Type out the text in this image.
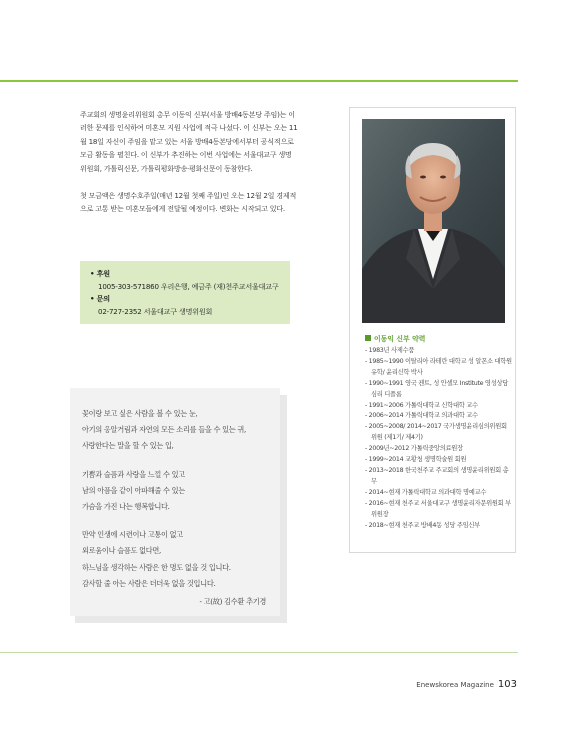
주교회의 생명윤리위원회 총무 이동익 신부(서울 방배4동본당 주임)는 이러한 문제를 인식하여 미혼모 지원 사업에 적극 나섰다. 이 신부는 오는 11월 18일 자신이 주임을 맡고 있는 서울 방배4동본당에서부터 공식적으로 모금 활동을 펼친다. 이 신부가 추진하는 이번 사업에는 서울대교구 생명위원회, 가톨릭신문, 가톨릭평화방송·평화신문이 동참한다.

첫 모금액은 생명수호주일(매년 12월 첫째 주일)인 오는 12월 2일 경제적으로 고통 받는 미혼모들에게 전달될 예정이다. 변화는 시작되고 있다.

• 후원
1005-303-571860 우리은행, 예금주 (재)천주교서울대교구
• 문의
02-727-2352 서울대교구 생명위원회
꽃이랑 보고 싶은 사람을 볼 수 있는 눈,
아기의 옹알거림과 자연의 모든 소리를 들을 수 있는 귀,
사랑한다는 말을 할 수 있는 입,
기쁨과 슬픔과 사랑을 느낄 수 있고
남의 아픔을 같이 아파해줄 수 있는
가슴을 가진 나는 행복합니다.
만약 인생에 시련이나 고통이 없고
외로움이나 슬픔도 없다면,
하느님을 생각하는 사람은 한 명도 없을 것 입니다.
감사할 줄 아는 사람은 더더욱 없을 것입니다.
- 고(故) 김수환 추기경
이동익 신부 약력
- 1983년 사제수품
- 1985~1990 이탈리아 라테란 대학교 성 알폰소 대학원 유학/ 윤리신학 박사
- 1990~1991 영국 켄트, 성 안셀모 Institute 영성상담 심리 디플롬
- 1991~2006 가톨릭대학교 신학대학 교수
- 2006~2014 가톨릭대학교 의과대학 교수
- 2005~2008/ 2014~2017 국가생명윤리심의위원회 위원 (제1기/ 제4기)
- 2009년~2012 가톨릭중앙의료원장
- 1999~2014 교황청 생명학술원 회원
- 2013~2018 한국천주교 주교회의 생명윤리위원회 총무
- 2014~현재 가톨릭대학교 의과대학 명예교수
- 2016~현재 천주교 서울대교구 생명윤리자문위원회 부위원장
- 2018~현재 천주교 방배4동 성당 주임신부
Enewskorea Magazine 103
